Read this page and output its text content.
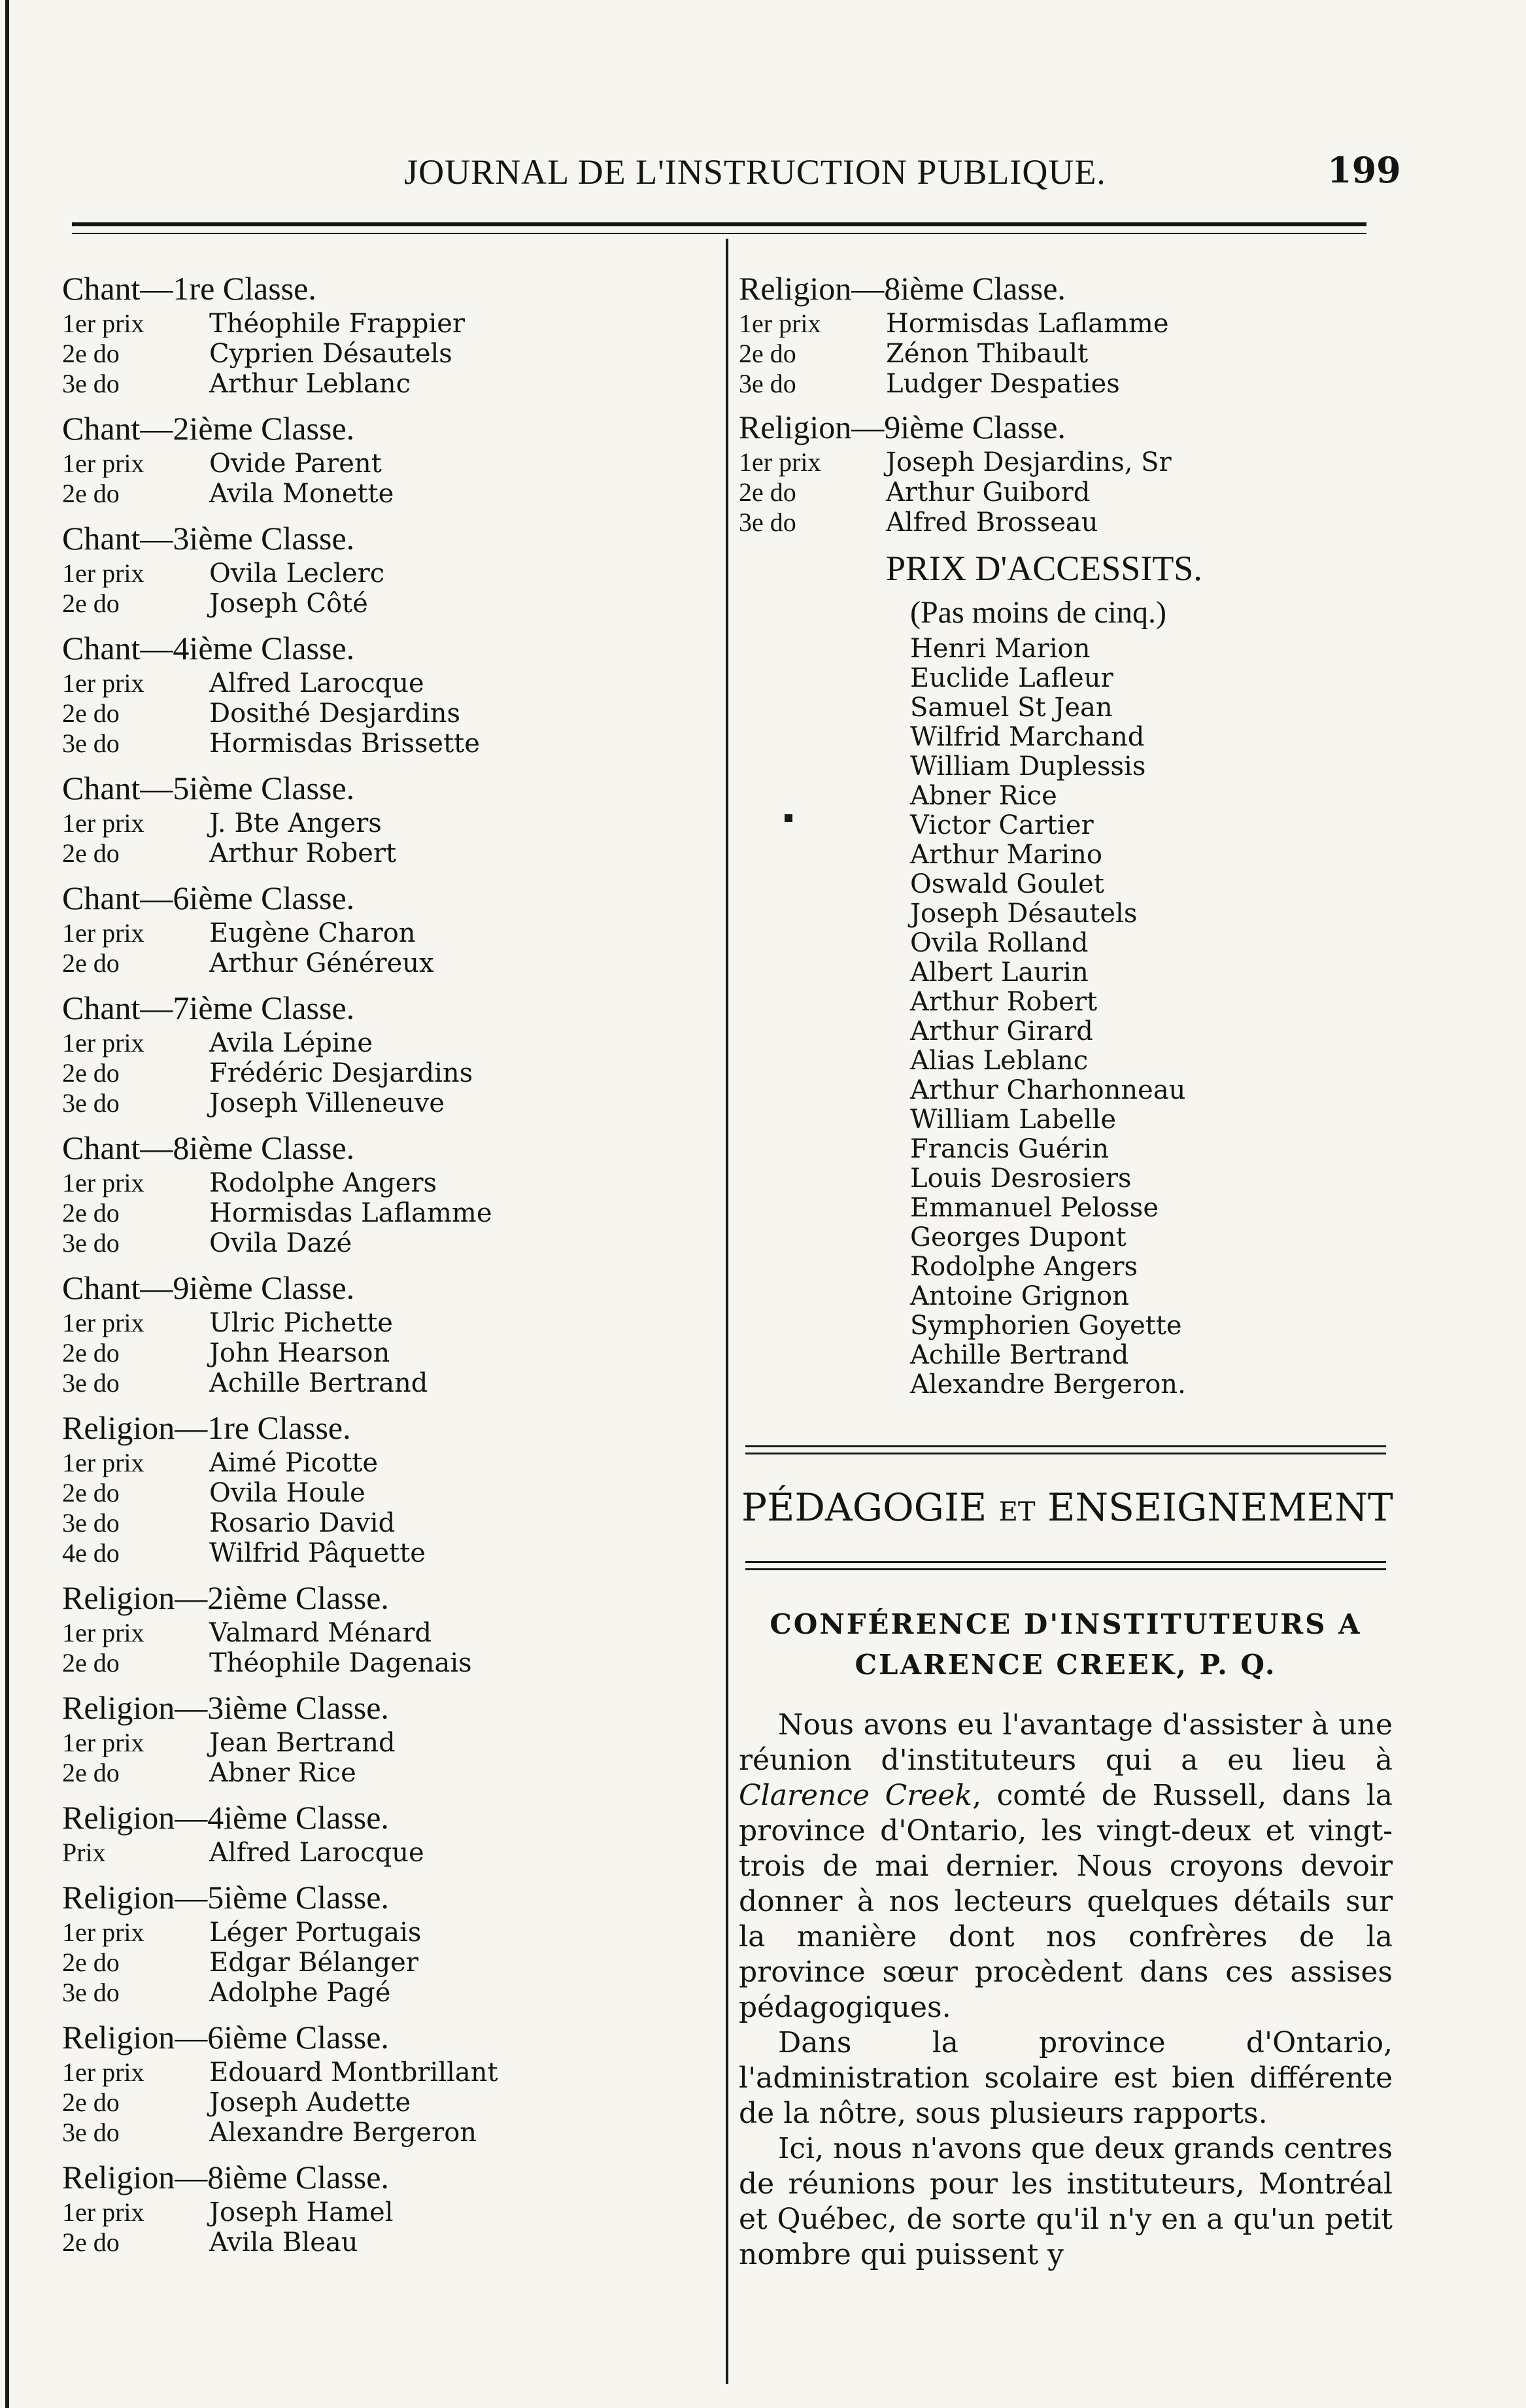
JOURNAL DE L'INSTRUCTION PUBLIQUE.	199
Chant—1re Classe.
1er prix	Théophile Frappier
2e do	Cyprien Désautels
3e do	Arthur Leblanc
Chant—2ième Classe.
1er prix	Ovide Parent
2e do	Avila Monette
Chant—3ième Classe.
1er prix	Ovila Leclerc
2e do	Joseph Côté
Chant—4ième Classe.
1er prix	Alfred Larocque
2e do	Dosithé Desjardins
3e do	Hormisdas Brissette
Chant—5ième Classe.
1er prix	J. Bte Angers
2e do	Arthur Robert
Chant—6ième Classe.
1er prix	Eugène Charon
2e do	Arthur Généreux
Chant—7ième Classe.
1er prix	Avila Lépine
2e do	Frédéric Desjardins
3e do	Joseph Villeneuve
Chant—8ième Classe.
1er prix	Rodolphe Angers
2e do	Hormisdas Laflamme
3e do	Ovila Dazé
Chant—9ième Classe.
1er prix	Ulric Pichette
2e do	John Hearson
3e do	Achille Bertrand
Religion—1re Classe.
1er prix	Aimé Picotte
2e do	Ovila Houle
3e do	Rosario David
4e do	Wilfrid Pâquette
Religion—2ième Classe.
1er prix	Valmard Ménard
2e do	Théophile Dagenais
Religion—3ième Classe.
1er prix	Jean Bertrand
2e do	Abner Rice
Religion—4ième Classe.
Prix	Alfred Larocque
Religion—5ième Classe.
1er prix	Léger Portugais
2e do	Edgar Bélanger
3e do	Adolphe Pagé
Religion—6ième Classe.
1er prix	Edouard Montbrillant
2e do	Joseph Audette
3e do	Alexandre Bergeron
Religion—8ième Classe.
1er prix	Joseph Hamel
2e do	Avila Bleau
Religion—8ième Classe.
1er prix	Hormisdas Laflamme
2e do	Zénon Thibault
3e do	Ludger Despaties
Religion—9ième Classe.
1er prix	Joseph Desjardins, Sr
2e do	Arthur Guibord
3e do	Alfred Brosseau
PRIX D'ACCESSITS.
(Pas moins de cinq.)
Henri Marion
Euclide Lafleur
Samuel St Jean
Wilfrid Marchand
William Duplessis
Abner Rice
Victor Cartier
Arthur Marino
Oswald Goulet
Joseph Désautels
Ovila Rolland
Albert Laurin
Arthur Robert
Arthur Girard
Alias Leblanc
Arthur Charhonneau
William Labelle
Francis Guérin
Louis Desrosiers
Emmanuel Pelosse
Georges Dupont
Rodolphe Angers
Antoine Grignon
Symphorien Goyette
Achille Bertrand
Alexandre Bergeron.
PÉDAGOGIE ET ENSEIGNEMENT
CONFÉRENCE D'INSTITUTEURS A
CLARENCE CREEK, P. Q.

Nous avons eu l'avantage d'assister à une réunion d'instituteurs qui a eu lieu à Clarence Creek, comté de Russell, dans la province d'Ontario, les vingt-deux et vingt-trois de mai dernier. Nous croyons devoir donner à nos lecteurs quelques détails sur la manière dont nos confrères de la province sœur procèdent dans ces assises pédagogiques.

Dans la province d'Ontario, l'administration scolaire est bien différente de la nôtre, sous plusieurs rapports.

Ici, nous n'avons que deux grands centres de réunions pour les instituteurs, Montréal et Québec, de sorte qu'il n'y en a qu'un petit nombre qui puissent y
